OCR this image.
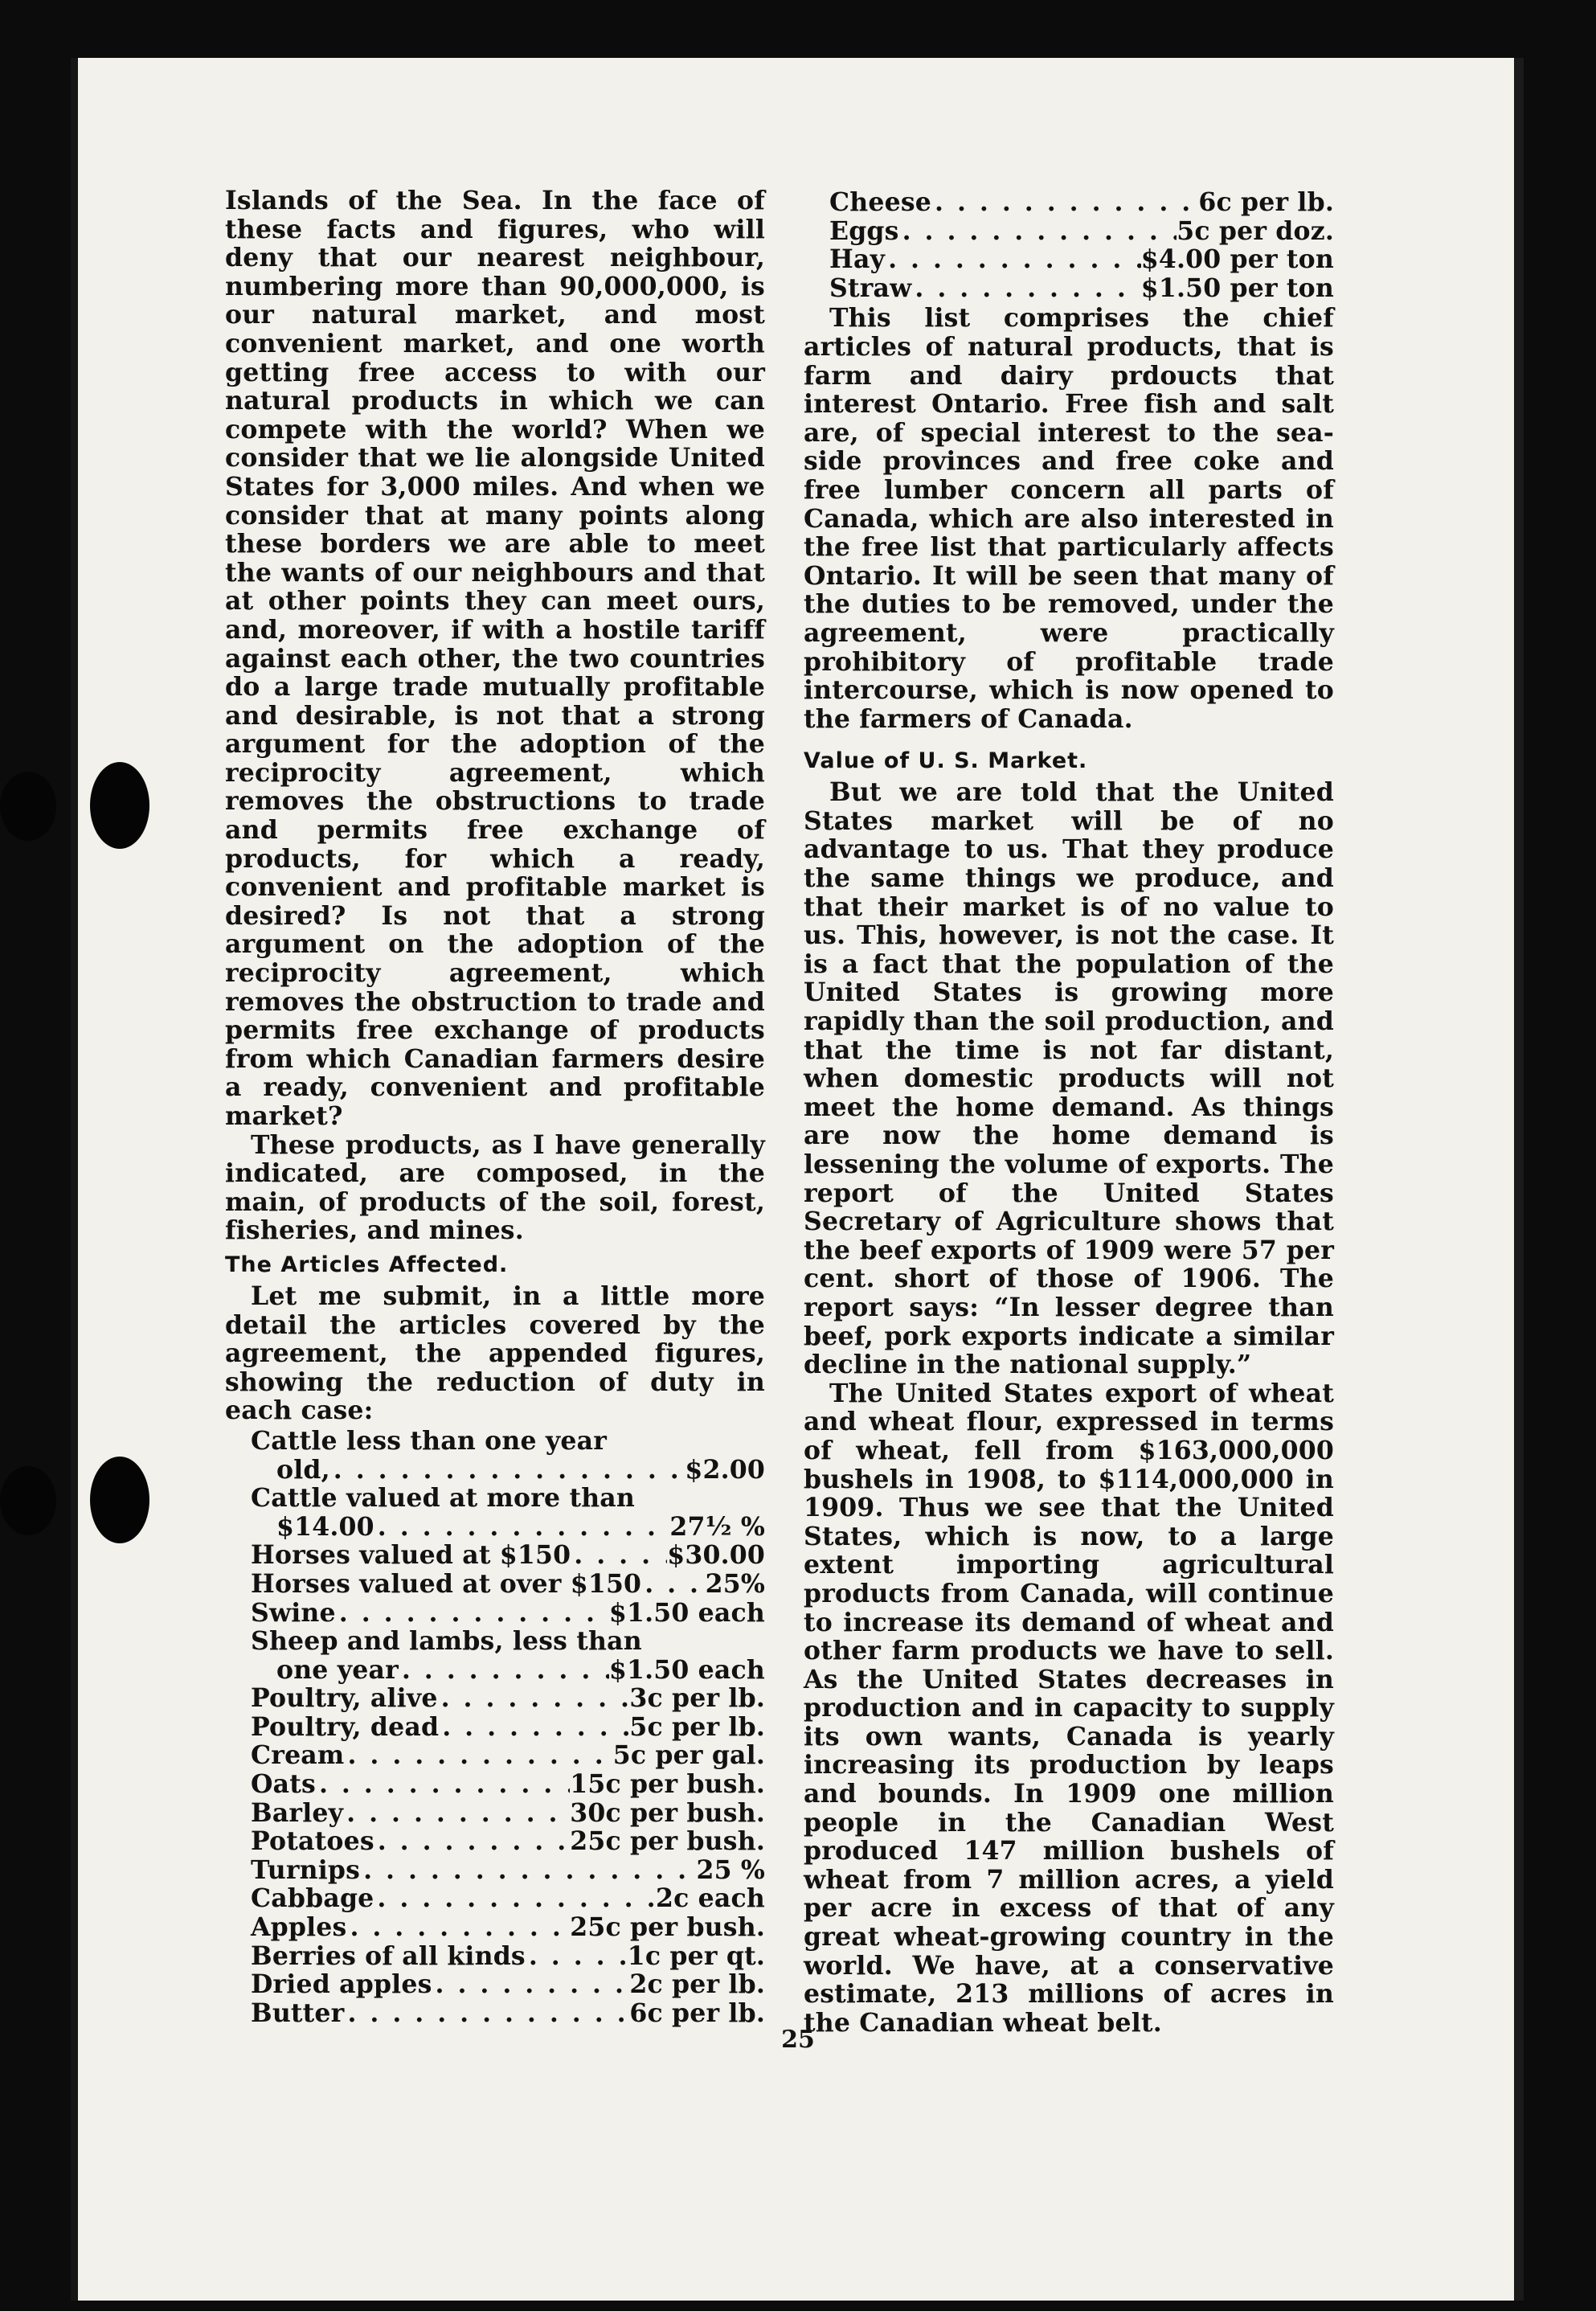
Islands of the Sea. In the face of these facts and figures, who will deny that our nearest neighbour, numbering more than 90,000,000, is our natural market, and most convenient market, and one worth getting free access to with our natural products in which we can compete with the world? When we consider that we lie alongside United States for 3,000 miles. And when we consider that at many points along these borders we are able to meet the wants of our neighbours and that at other points they can meet ours, and, moreover, if with a hostile tariff against each other, the two countries do a large trade mutually profitable and desirable, is not that a strong argument for the adoption of the reciprocity agreement, which removes the obstructions to trade and permits free exchange of products, for which a ready, convenient and profitable market is desired? Is not that a strong argument on the adoption of the reciprocity agreement, which removes the obstruction to trade and permits free exchange of products from which Canadian farmers desire a ready, convenient and profitable market?

These products, as I have generally indicated, are composed, in the main, of products of the soil, forest, fisheries, and mines.

The Articles Affected.

Let me submit, in a little more detail the articles covered by the agreement, the appended figures, showing the reduction of duty in each case:

Cattle less than one year
old, . . .	$2.00
Cattle valued at more than
$14.00 . . .	27½ %
Horses valued at $150 . . .	$30.00
Horses valued at over $150 . . .	25%
Swine . . .	$1.50 each
Sheep and lambs, less than
one year . . .	$1.50 each
Poultry, alive . . .	3c per lb.
Poultry, dead . . .	5c per lb.
Cream . . .	5c per gal.
Oats . . .	15c per bush.
Barley . . .	30c per bush.
Potatoes . . .	25c per bush.
Turnips . . .	25 %
Cabbage . . .	2c each
Apples . . .	25c per bush.
Berries of all kinds . . .	1c per qt.
Dried apples . . .	2c per lb.
Butter . . .	6c per lb.
Cheese . . .	6c per lb.
Eggs . . .	5c per doz.
Hay . . .	$4.00 per ton
Straw . . .	$1.50 per ton

This list comprises the chief articles of natural products, that is farm and dairy prdoucts that interest Ontario. Free fish and salt are, of special interest to the sea-side provinces and free coke and free lumber concern all parts of Canada, which are also interested in the free list that particularly affects Ontario. It will be seen that many of the duties to be removed, under the agreement, were practically prohibitory of profitable trade intercourse, which is now opened to the farmers of Canada.

Value of U. S. Market.

But we are told that the United States market will be of no advantage to us. That they produce the same things we produce, and that their market is of no value to us. This, however, is not the case. It is a fact that the population of the United States is growing more rapidly than the soil production, and that the time is not far distant, when domestic products will not meet the home demand. As things are now the home demand is lessening the volume of exports. The report of the United States Secretary of Agriculture shows that the beef exports of 1909 were 57 per cent. short of those of 1906. The report says: “In lesser degree than beef, pork exports indicate a similar decline in the national supply.”

The United States export of wheat and wheat flour, expressed in terms of wheat, fell from $163,000,000 bushels in 1908, to $114,000,000 in 1909. Thus we see that the United States, which is now, to a large extent importing agricultural products from Canada, will continue to increase its demand of wheat and other farm products we have to sell. As the United States decreases in production and in capacity to supply its own wants, Canada is yearly increasing its production by leaps and bounds. In 1909 one million people in the Canadian West produced 147 million bushels of wheat from 7 million acres, a yield per acre in excess of that of any great wheat-growing country in the world. We have, at a conservative estimate, 213 millions of acres in the Canadian wheat belt.

25
